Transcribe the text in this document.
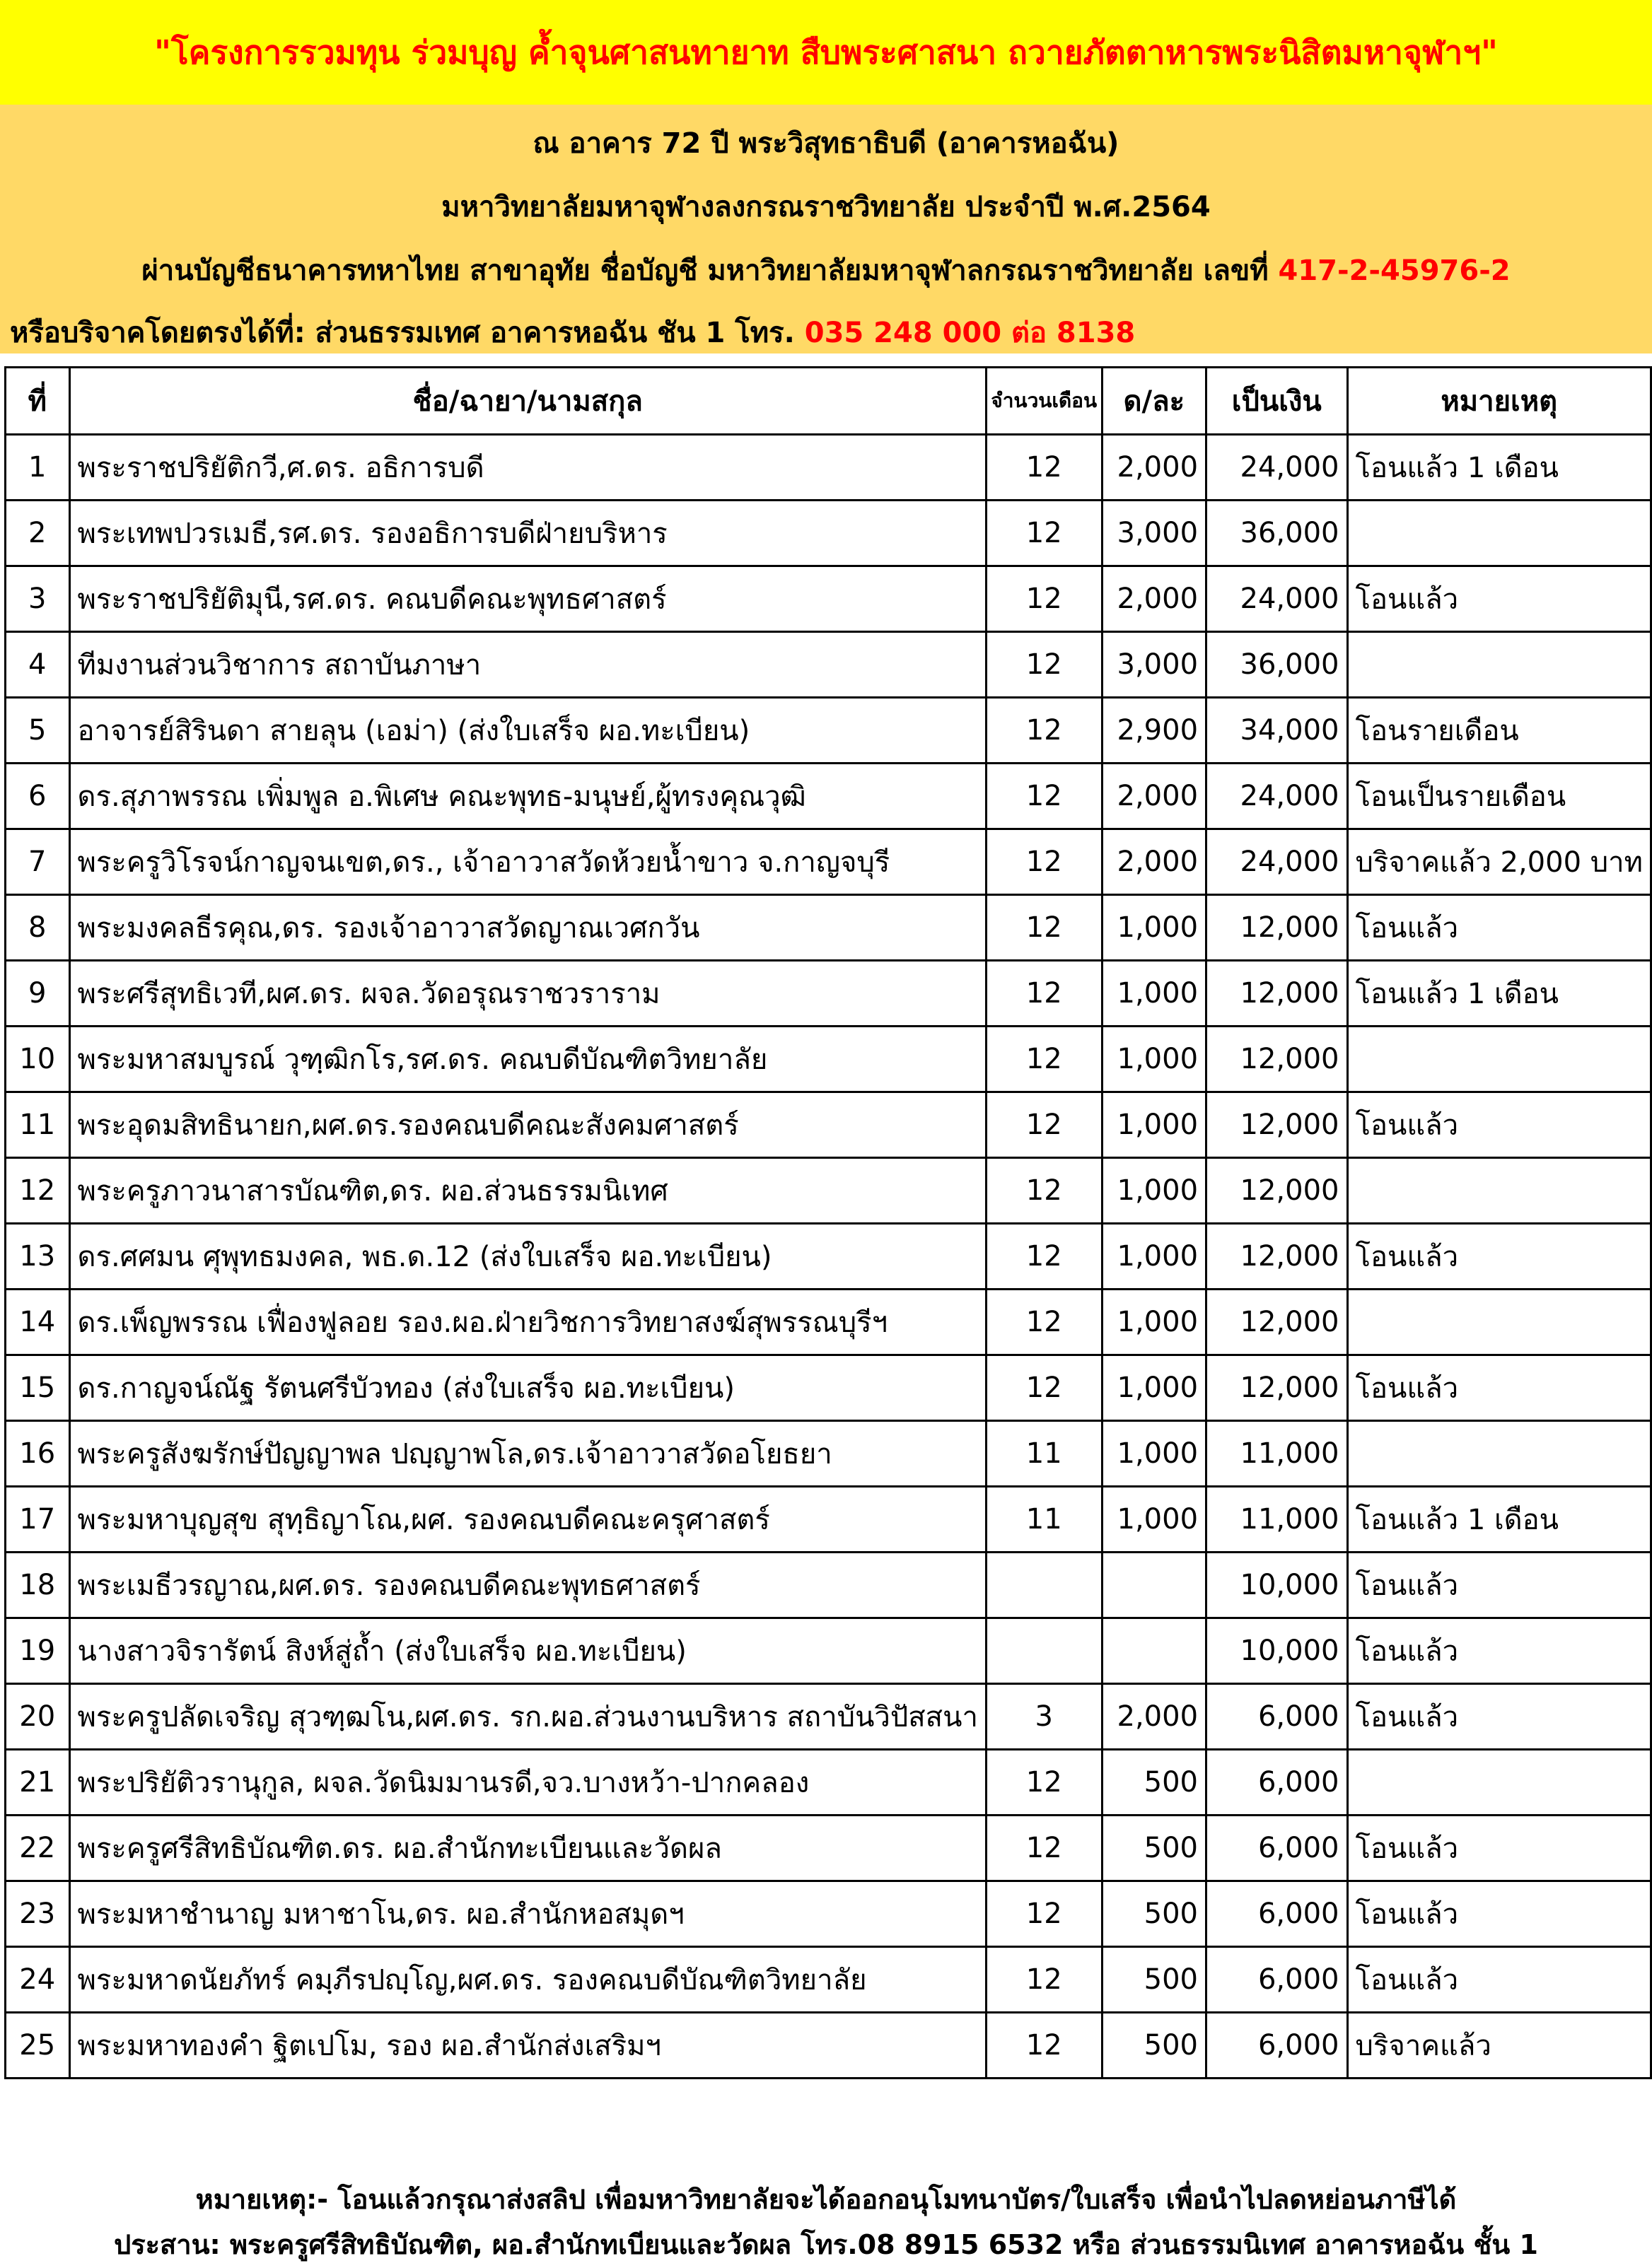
"โครงการรวมทุน ร่วมบุญ ค้ำจุนศาสนทายาท สืบพระศาสนา ถวายภัตตาหารพระนิสิตมหาจุฬาฯ"
ณ อาคาร 72 ปี พระวิสุทธาธิบดี (อาคารหอฉัน)
มหาวิทยาลัยมหาจุฬางลงกรณราชวิทยาลัย ประจำปี พ.ศ.2564
ผ่านบัญชีธนาคารทหาไทย สาขาอุทัย ชื่อบัญชี มหาวิทยาลัยมหาจุฬาลกรณราชวิทยาลัย เลขที่ 417-2-45976-2
หรือบริจาคโดยตรงได้ที่: ส่วนธรรมเทศ อาคารหอฉัน ชัน 1 โทร. 035 248 000 ต่อ 8138
ที่	ชื่อ/ฉายา/นามสกุล	จำนวนเดือน	ด/ละ	เป็นเงิน	หมายเหตุ
1	พระราชปริยัติกวี,ศ.ดร. อธิการบดี	12	2,000	24,000	โอนแล้ว 1 เดือน
2	พระเทพปวรเมธี,รศ.ดร. รองอธิการบดีฝ่ายบริหาร	12	3,000	36,000	
3	พระราชปริยัติมุนี,รศ.ดร. คณบดีคณะพุทธศาสตร์	12	2,000	24,000	โอนแล้ว
4	ทีมงานส่วนวิชาการ สถาบันภาษา	12	3,000	36,000	
5	อาจารย์สิรินดา สายลุน (เอม่า) (ส่งใบเสร็จ ผอ.ทะเบียน)	12	2,900	34,000	โอนรายเดือน
6	ดร.สุภาพรรณ เพิ่มพูล อ.พิเศษ คณะพุทธ-มนุษย์,ผู้ทรงคุณวุฒิ	12	2,000	24,000	โอนเป็นรายเดือน
7	พระครูวิโรจน์กาญจนเขต,ดร., เจ้าอาวาสวัดห้วยน้ำขาว จ.กาญจบุรี	12	2,000	24,000	บริจาคแล้ว 2,000 บาท
8	พระมงคลธีรคุณ,ดร. รองเจ้าอาวาสวัดญาณเวศกวัน	12	1,000	12,000	โอนแล้ว
9	พระศรีสุทธิเวที,ผศ.ดร. ผจล.วัดอรุณราชวราราม	12	1,000	12,000	โอนแล้ว 1 เดือน
10	พระมหาสมบูรณ์ วุฑฺฒิกโร,รศ.ดร. คณบดีบัณฑิตวิทยาลัย	12	1,000	12,000	
11	พระอุดมสิทธินายก,ผศ.ดร.รองคณบดีคณะสังคมศาสตร์	12	1,000	12,000	โอนแล้ว
12	พระครูภาวนาสารบัณฑิต,ดร. ผอ.ส่วนธรรมนิเทศ	12	1,000	12,000	
13	ดร.ศศมน ศุพุทธมงคล, พธ.ด.12 (ส่งใบเสร็จ ผอ.ทะเบียน)	12	1,000	12,000	โอนแล้ว
14	ดร.เพ็ญพรรณ เฟื่องฟูลอย รอง.ผอ.ฝ่ายวิชการวิทยาสงฆ์สุพรรณบุรีฯ	12	1,000	12,000	
15	ดร.กาญจน์ณัฐ รัตนศรีบัวทอง (ส่งใบเสร็จ ผอ.ทะเบียน)	12	1,000	12,000	โอนแล้ว
16	พระครูสังฆรักษ์ปัญญาพล ปญฺญาพโล,ดร.เจ้าอาวาสวัดอโยธยา	11	1,000	11,000	
17	พระมหาบุญสุข สุทฺธิญาโณ,ผศ. รองคณบดีคณะครุศาสตร์	11	1,000	11,000	โอนแล้ว 1 เดือน
18	พระเมธีวรญาณ,ผศ.ดร. รองคณบดีคณะพุทธศาสตร์			10,000	โอนแล้ว
19	นางสาวจิรารัตน์ สิงห์สู่ถ้ำ (ส่งใบเสร็จ ผอ.ทะเบียน)			10,000	โอนแล้ว
20	พระครูปลัดเจริญ สุวฑฺฒโน,ผศ.ดร. รก.ผอ.ส่วนงานบริหาร สถาบันวิปัสสนา	3	2,000	6,000	โอนแล้ว
21	พระปริยัติวรานุกูล, ผจล.วัดนิมมานรดี,จว.บางหว้า-ปากคลอง	12	500	6,000	
22	พระครูศรีสิทธิบัณฑิต.ดร. ผอ.สำนักทะเบียนและวัดผล	12	500	6,000	โอนแล้ว
23	พระมหาชำนาญ มหาชาโน,ดร. ผอ.สำนักหอสมุดฯ	12	500	6,000	โอนแล้ว
24	พระมหาดนัยภัทร์ คมฺภีรปญฺโญ,ผศ.ดร. รองคณบดีบัณฑิตวิทยาลัย	12	500	6,000	โอนแล้ว
25	พระมหาทองคำ ฐิตเปโม, รอง ผอ.สำนักส่งเสริมฯ	12	500	6,000	บริจาคแล้ว
หมายเหตุ:- โอนแล้วกรุณาส่งสลิป เพื่อมหาวิทยาลัยจะได้ออกอนุโมทนาบัตร/ใบเสร็จ เพื่อนำไปลดหย่อนภาษีได้
ประสาน: พระครูศรีสิทธิบัณฑิต, ผอ.สำนักทเบียนและวัดผล โทร.08 8915 6532 หรือ ส่วนธรรมนิเทศ อาคารหอฉัน ชั้น 1
